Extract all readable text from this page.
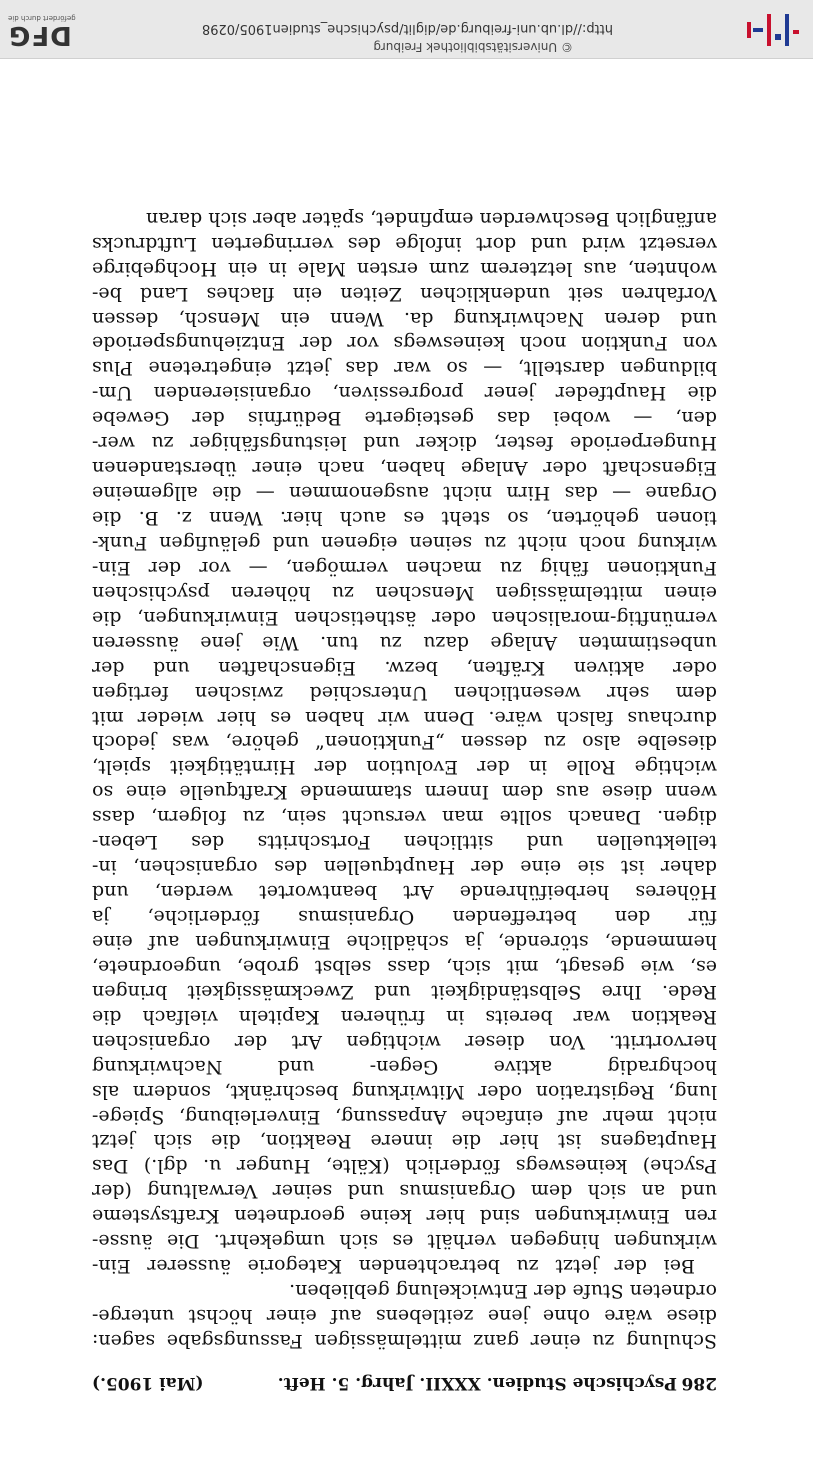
286
Psychische Studien. XXXII. Jahrg. 5. Heft.
(Mai 1905.)
Schulung zu einer ganz mittelmässigen Fassungsgabe sagen:
diese wäre ohne jene zeitlebens auf einer höchst unterge-
ordneten Stufe der Entwickelung geblieben.
Bei der jetzt zu betrachtenden Kategorie äusserer Ein-
wirkungen hingegen verhält es sich umgekehrt. Die äusse-
ren Einwirkungen sind hier keine geordneten Kraftsysteme
und an sich dem Organismus und seiner Verwaltung (der
Psyche) keineswegs förderlich (Kälte, Hunger u. dgl.) Das
Hauptagens ist hier die innere Reaktion, die sich jetzt
nicht mehr auf einfache Anpassung, Einverleibung, Spiege-
lung, Registration oder Mitwirkung beschränkt, sondern als
hochgradig aktive Gegen- und Nachwirkung
hervortritt. Von dieser wichtigen Art der organischen
Reaktion war bereits in früheren Kapiteln vielfach die
Rede. Ihre Selbständigkeit und Zweckmässigkeit bringen
es, wie gesagt, mit sich, dass selbst grobe, ungeordnete,
hemmende, störende, ja schädliche Einwirkungen auf eine
für den betreffenden Organismus förderliche, ja
Höheres herbeiführende Art beantwortet werden, und
daher ist sie eine der Hauptquellen des organischen, in-
tellektuellen und sittlichen Fortschritts des Leben-
digen. Danach sollte man versucht sein, zu folgern, dass
wenn diese aus dem Innern stammende Kraftquelle eine so
wichtige Rolle in der Evolution der Hirntätigkeit spielt,
dieselbe also zu dessen „Funktionen“ gehöre, was jedoch
durchaus falsch wäre. Denn wir haben es hier wieder mit
dem sehr wesentlichen Unterschied zwischen fertigen
oder aktiven Kräften, bezw. Eigenschaften und der
unbestimmten Anlage dazu zu tun. Wie jene äusseren
vernünftig-moralischen oder ästhetischen Einwirkungen, die
einen mittelmässigen Menschen zu höheren psychischen
Funktionen fähig zu machen vermögen, — vor der Ein-
wirkung noch nicht zu seinen eigenen und geläufigen Funk-
tionen gehörten, so steht es auch hier. Wenn z. B. die
Organe — das Hirn nicht ausgenommen — die allgemeine
Eigenschaft oder Anlage haben, nach einer überstandenen
Hungerperiode fester, dicker und leistungsfähiger zu wer-
den, — wobei das gesteigerte Bedürfnis der Gewebe
die Hauptfeder jener progressiven, organisierenden Um-
bildungen darstellt, — so war das jetzt eingetretene Plus
von Funktion noch keineswegs vor der Entziehungsperiode
und deren Nachwirkung da. Wenn ein Mensch, dessen
Vorfahren seit undenklichen Zeiten ein flaches Land be-
wohnten, aus letzterem zum ersten Male in ein Hochgebirge
versetzt wird und dort infolge des verringerten Luftdrucks
anfänglich Beschwerden empfindet, später aber sich daran
© Universitätsbibliothek Freiburg
http://dl.ub.uni-freiburg.de/diglit/psychische_studien1905/0298
DFG
gefördert durch die
